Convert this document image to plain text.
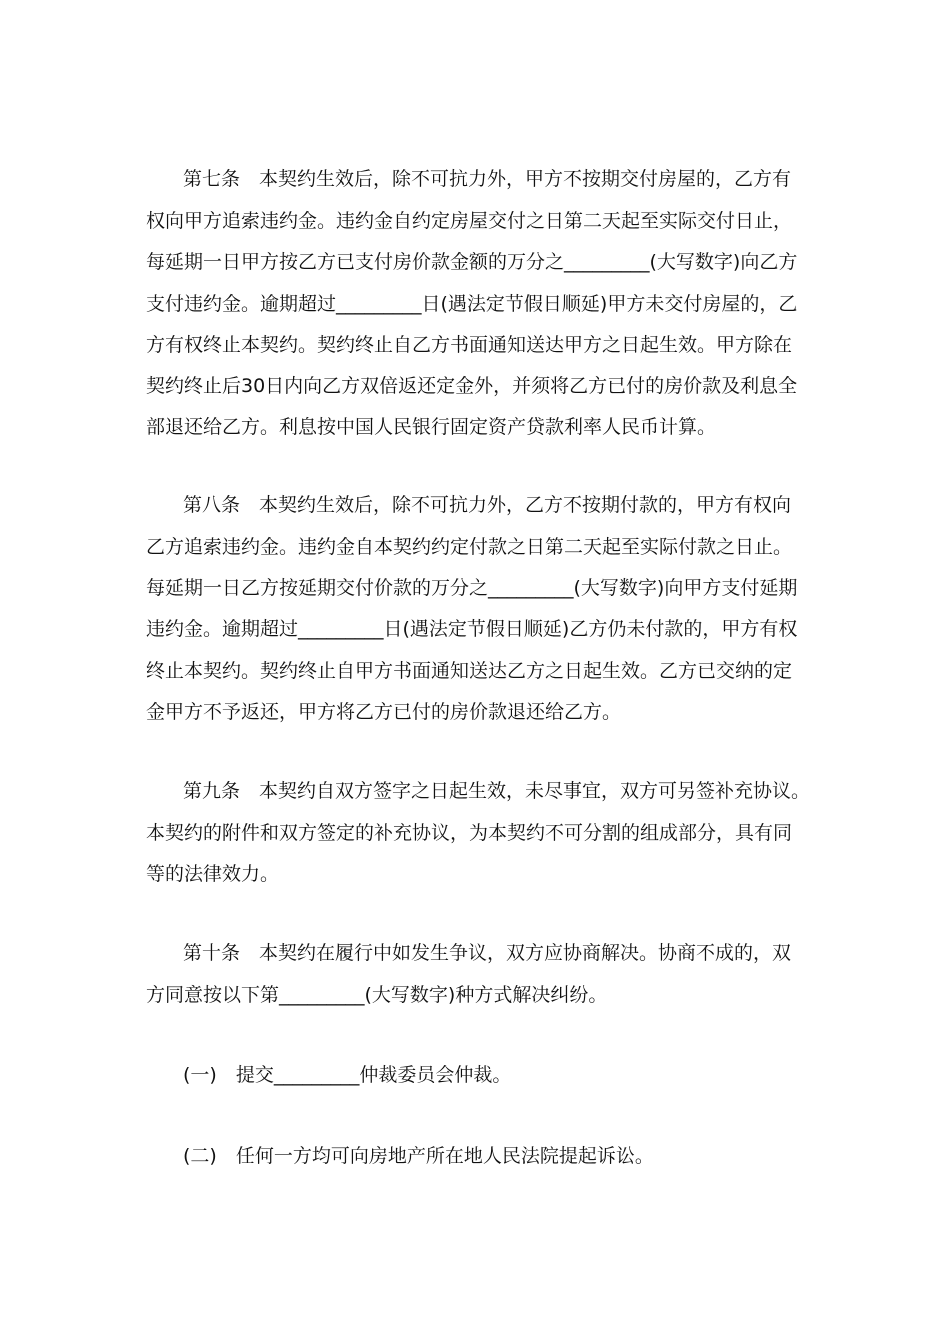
第七条　本契约生效后，除不可抗力外，甲方不按期交付房屋的，乙方有
权向甲方追索违约金。违约金自约定房屋交付之日第二天起至实际交付日止，
每延期一日甲方按乙方已支付房价款金额的万分之_________(大写数字)向乙方
支付违约金。逾期超过_________日(遇法定节假日顺延)甲方未交付房屋的，乙
方有权终止本契约。契约终止自乙方书面通知送达甲方之日起生效。甲方除在
契约终止后30日内向乙方双倍返还定金外，并须将乙方已付的房价款及利息全
部退还给乙方。利息按中国人民银行固定资产贷款利率人民币计算。
第八条　本契约生效后，除不可抗力外，乙方不按期付款的，甲方有权向
乙方追索违约金。违约金自本契约约定付款之日第二天起至实际付款之日止。
每延期一日乙方按延期交付价款的万分之_________(大写数字)向甲方支付延期
违约金。逾期超过_________日(遇法定节假日顺延)乙方仍未付款的，甲方有权
终止本契约。契约终止自甲方书面通知送达乙方之日起生效。乙方已交纳的定
金甲方不予返还，甲方将乙方已付的房价款退还给乙方。
第九条　本契约自双方签字之日起生效，未尽事宜，双方可另签补充协议。
本契约的附件和双方签定的补充协议，为本契约不可分割的组成部分，具有同
等的法律效力。
第十条　本契约在履行中如发生争议，双方应协商解决。协商不成的，双
方同意按以下第_________(大写数字)种方式解决纠纷。
(一)　提交_________仲裁委员会仲裁。
(二)　任何一方均可向房地产所在地人民法院提起诉讼。
